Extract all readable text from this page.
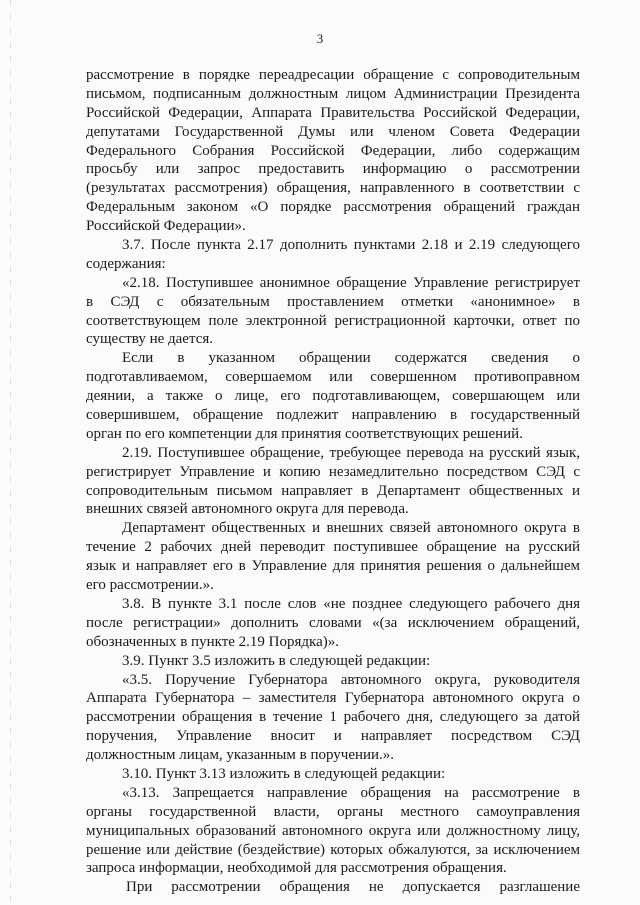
3
рассмотрение в порядке переадресации обращение с сопроводительным
письмом, подписанным должностным лицом Администрации Президента
Российской Федерации, Аппарата Правительства Российской Федерации,
депутатами Государственной Думы или членом Совета Федерации
Федерального Собрания Российской Федерации, либо содержащим
просьбу или запрос предоставить информацию о рассмотрении
(результатах рассмотрения) обращения, направленного в соответствии с
Федеральным законом «О порядке рассмотрения обращений граждан
Российской Федерации».
3.7. После пункта 2.17 дополнить пунктами 2.18 и 2.19 следующего
содержания:
«2.18. Поступившее анонимное обращение Управление регистрирует
в СЭД с обязательным проставлением отметки «анонимное» в
соответствующем поле электронной регистрационной карточки, ответ по
существу не дается.
Если в указанном обращении содержатся сведения о
подготавливаемом, совершаемом или совершенном противоправном
деянии, а также о лице, его подготавливающем, совершающем или
совершившем, обращение подлежит направлению в государственный
орган по его компетенции для принятия соответствующих решений.
2.19. Поступившее обращение, требующее перевода на русский язык,
регистрирует Управление и копию незамедлительно посредством СЭД с
сопроводительным письмом направляет в Департамент общественных и
внешних связей автономного округа для перевода.
Департамент общественных и внешних связей автономного округа в
течение 2 рабочих дней переводит поступившее обращение на русский
язык и направляет его в Управление для принятия решения о дальнейшем
его рассмотрении.».
3.8. В пункте 3.1 после слов «не позднее следующего рабочего дня
после регистрации» дополнить словами «(за исключением обращений,
обозначенных в пункте 2.19 Порядка)».
3.9. Пункт 3.5 изложить в следующей редакции:
«3.5. Поручение Губернатора автономного округа, руководителя
Аппарата Губернатора – заместителя Губернатора автономного округа о
рассмотрении обращения в течение 1 рабочего дня, следующего за датой
поручения, Управление вносит и направляет посредством СЭД
должностным лицам, указанным в поручении.».
3.10. Пункт 3.13 изложить в следующей редакции:
«3.13. Запрещается направление обращения на рассмотрение в
органы государственной власти, органы местного самоуправления
муниципальных образований автономного округа или должностному лицу,
решение или действие (бездействие) которых обжалуются, за исключением
запроса информации, необходимой для рассмотрения обращения.
При рассмотрении обращения не допускается разглашение
